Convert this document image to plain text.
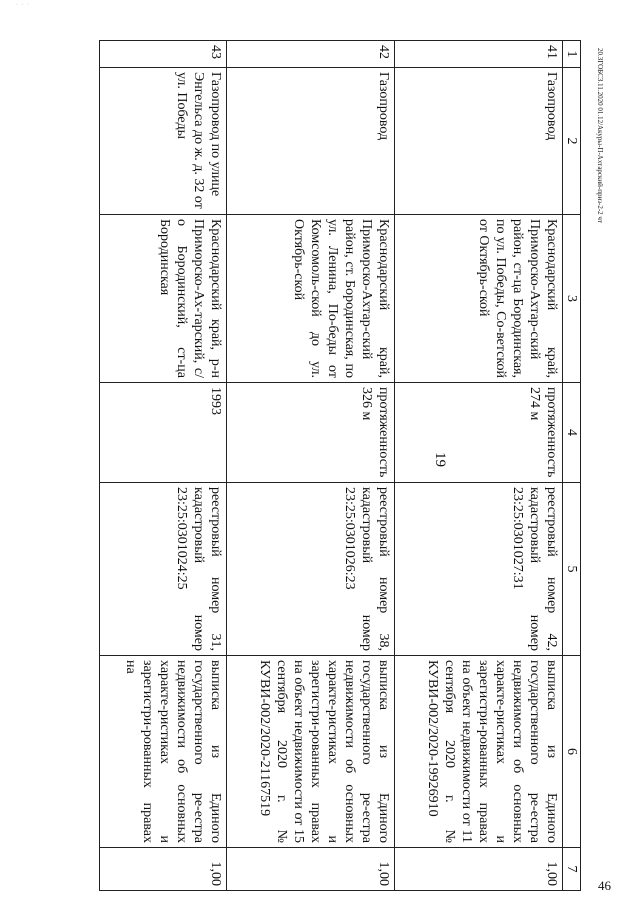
· · ·
19
20.ЗГОБСЗ.11.2020 01.12/Акуры-П-Ахтарский-приз-2-2 чт
46
1	2	3	4	5	6	7
41	Газопровод	Краснодарский край, Приморско-Ахтар-ский район, ст-ца Бородинская, по ул. Победы, Со-ветской от Октябрь-ской	протяженность 274 м	реестровый номер 42, кадастровый номер 23:25:0301027:31	выписка из Единого государственного ре-естра недвижимости об основных характе-ристиках и зарегистри-рованных правах на объект недвижимости от 11 сентября 2020 г. № КУВИ-002/2020-19926910	1,00
42	Газопровод	Краснодарский край, Приморско-Ахтар-ский район, ст. Бородинская, по ул. Ленина, По-беды от Комсомоль-ской до ул. Октябрь-ской	протяженность 326 м	реестровый номер 38, кадастровый номер 23:25:0301026:23	выписка из Единого государственного ре-естра недвижимости об основных характе-ристиках и зарегистри-рованных правах на объект недвижимости от 15 сентября 2020 г. № КУВИ-002/2020-21167519	1,00
43	Газопровод по улице Энгельса до ж. д. 32 от ул. Победы	Краснодарский край, р-н Приморско-Ах-тарский, с/о Бородинский, ст-ца Бородинская	1993	реестровый номер 31, кадастровый номер 23:25:0301024:25	выписка из Единого государственного ре-естра недвижимости об основных характе-ристиках и зарегистри-рованных правах на	1,00
